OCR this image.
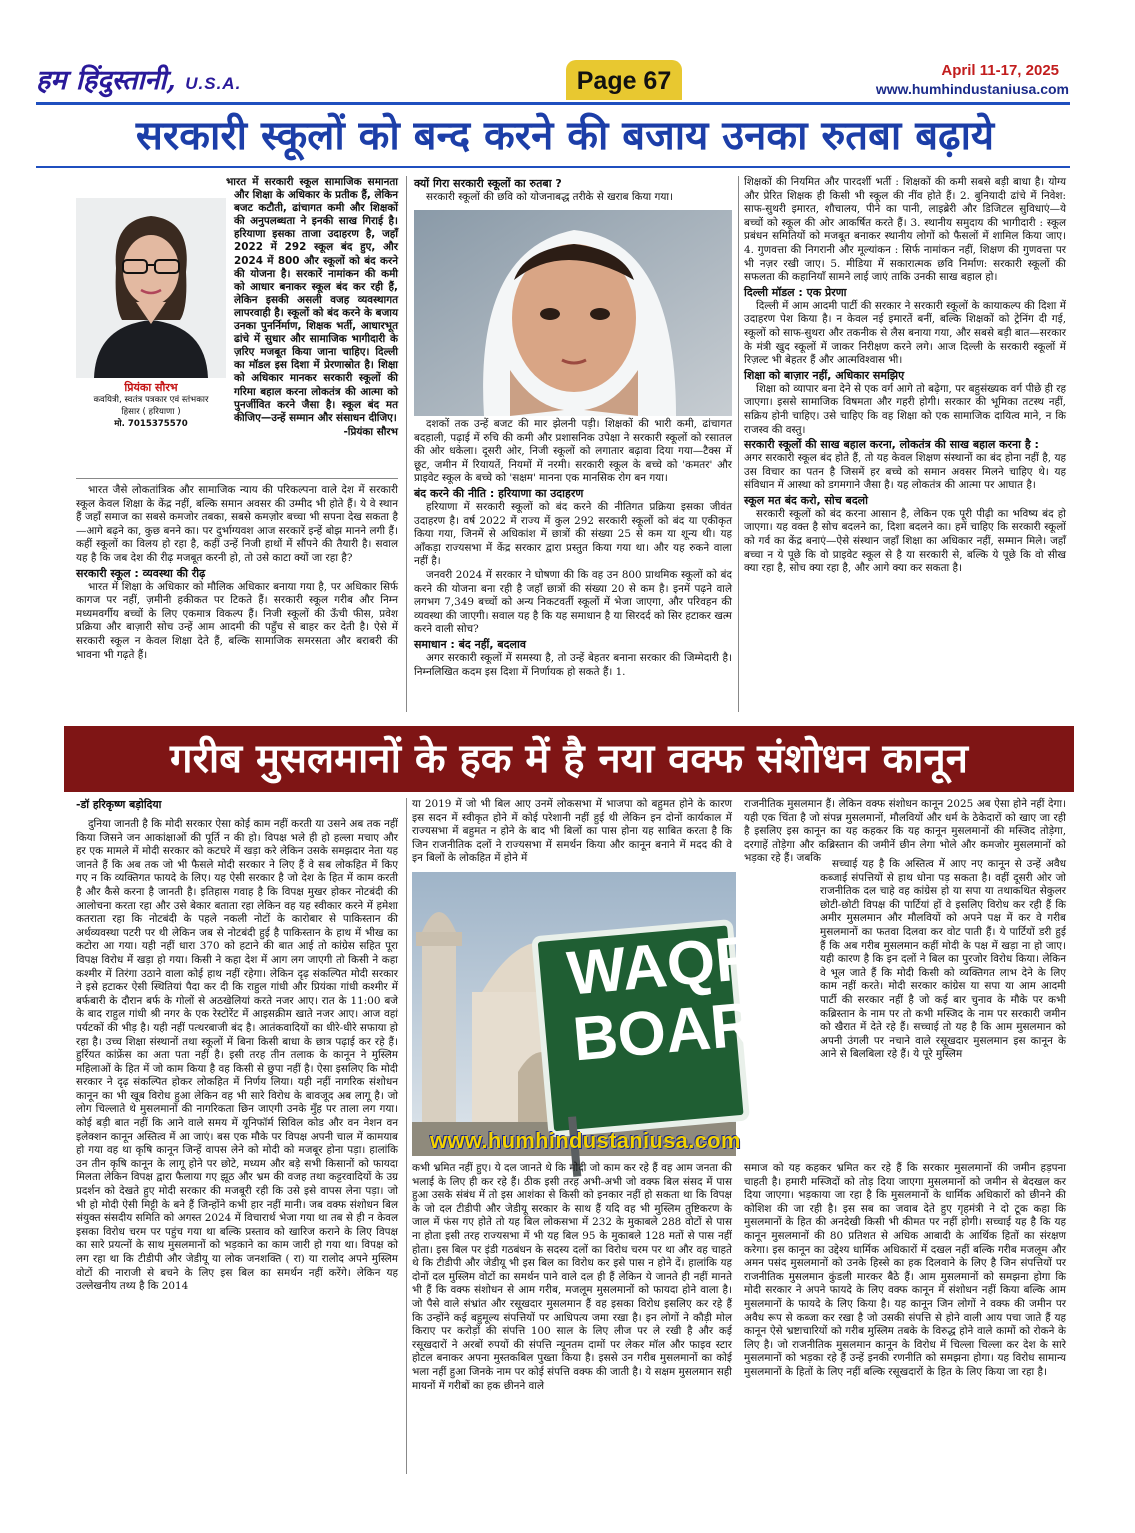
हम हिंदुस्तानी, U.S.A.	Page 67	April 11-17, 2025
www.humhindustaniusa.com
सरकारी स्कूलों को बन्द करने की बजाय उनका रुतबा बढ़ाये
प्रियंका सौरभ
कवयित्री, स्वतंत्र पत्रकार एवं स्तंभकार
हिसार ( हरियाणा )
मो. 7015375570
भारत में सरकारी स्कूल सामाजिक समानता और शिक्षा के अधिकार के प्रतीक हैं, लेकिन बजट कटौती, ढांचागत कमी और शिक्षकों की अनुपलब्धता ने इनकी साख गिराई है। हरियाणा इसका ताजा उदाहरण है, जहाँ 2022 में 292 स्कूल बंद हुए, और 2024 में 800 और स्कूलों को बंद करने की योजना है। सरकारें नामांकन की कमी को आधार बनाकर स्कूल बंद कर रही हैं, लेकिन इसकी असली वजह व्यवस्थागत लापरवाही है। स्कूलों को बंद करने के बजाय उनका पुनर्निर्माण, शिक्षक भर्ती, आधारभूत ढांचे में सुधार और सामाजिक भागीदारी के ज़रिए मजबूत किया जाना चाहिए। दिल्ली का मॉडल इस दिशा में प्रेरणास्रोत है। शिक्षा को अधिकार मानकर सरकारी स्कूलों की गरिमा बहाल करना लोकतंत्र की आत्मा को पुनर्जीवित करने जैसा है। स्कूल बंद मत कीजिए—उन्हें सम्मान और संसाधन दीजिए।
-प्रियंका सौरभ

भारत जैसे लोकतांत्रिक और सामाजिक न्याय की परिकल्पना वाले देश में सरकारी स्कूल केवल शिक्षा के केंद्र नहीं, बल्कि समान अवसर की उम्मीद भी होते हैं। ये वे स्थान हैं जहाँ समाज का सबसे कमजोर तबका, सबसे कमज़ोर बच्चा भी सपना देख सकता है—आगे बढ़ने का, कुछ बनने का। पर दुर्भाग्यवश आज सरकारें इन्हें बोझ मानने लगी हैं। कहीं स्कूलों का विलय हो रहा है, कहीं उन्हें निजी हाथों में सौंपने की तैयारी है। सवाल यह है कि जब देश की रीढ़ मजबूत करनी हो, तो उसे काटा क्यों जा रहा है?

सरकारी स्कूल : व्यवस्था की रीढ़

भारत में शिक्षा के अधिकार को मौलिक अधिकार बनाया गया है, पर अधिकार सिर्फ कागज पर नहीं, ज़मीनी हकीकत पर टिकते हैं। सरकारी स्कूल गरीब और निम्न मध्यमवर्गीय बच्चों के लिए एकमात्र विकल्प हैं। निजी स्कूलों की ऊँची फीस, प्रवेश प्रक्रिया और बाज़ारी सोच उन्हें आम आदमी की पहुँच से बाहर कर देती है। ऐसे में सरकारी स्कूल न केवल शिक्षा देते हैं, बल्कि सामाजिक समरसता और बराबरी की भावना भी गढ़ते हैं।

क्यों गिरा सरकारी स्कूलों का रुतबा ?

सरकारी स्कूलों की छवि को योजनाबद्ध तरीके से खराब किया गया।

दशकों तक उन्हें बजट की मार झेलनी पड़ी। शिक्षकों की भारी कमी, ढांचागत बदहाली, पढ़ाई में रुचि की कमी और प्रशासनिक उपेक्षा ने सरकारी स्कूलों को रसातल की ओर धकेला। दूसरी ओर, निजी स्कूलों को लगातार बढ़ावा दिया गया—टैक्स में छूट, जमीन में रियायतें, नियमों में नरमी। सरकारी स्कूल के बच्चे को 'कमतर' और प्राइवेट स्कूल के बच्चे को 'सक्षम' मानना एक मानसिक रोग बन गया।

बंद करने की नीति : हरियाणा का उदाहरण

हरियाणा में सरकारी स्कूलों को बंद करने की नीतिगत प्रक्रिया इसका जीवंत उदाहरण है। वर्ष 2022 में राज्य में कुल 292 सरकारी स्कूलों को बंद या एकीकृत किया गया, जिनमें से अधिकांश में छात्रों की संख्या 25 से कम या शून्य थी। यह आँकड़ा राज्यसभा में केंद्र सरकार द्वारा प्रस्तुत किया गया था। और यह रुकने वाला नहीं है।

जनवरी 2024 में सरकार ने घोषणा की कि वह उन 800 प्राथमिक स्कूलों को बंद करने की योजना बना रही है जहाँ छात्रों की संख्या 20 से कम है। इनमें पढ़ने वाले लगभग 7,349 बच्चों को अन्य निकटवर्ती स्कूलों में भेजा जाएगा, और परिवहन की व्यवस्था की जाएगी। सवाल यह है कि यह समाधान है या सिरदर्द को सिर हटाकर खत्म करने वाली सोच?

समाधान : बंद नहीं, बदलाव

अगर सरकारी स्कूलों में समस्या है, तो उन्हें बेहतर बनाना सरकार की जिम्मेदारी है। निम्नलिखित कदम इस दिशा में निर्णायक हो सकते हैं। 1.

शिक्षकों की नियमित और पारदर्शी भर्ती : शिक्षकों की कमी सबसे बड़ी बाधा है। योग्य और प्रेरित शिक्षक ही किसी भी स्कूल की नींव होते हैं। 2. बुनियादी ढांचे में निवेश: साफ-सुथरी इमारत, शौचालय, पीने का पानी, लाइब्रेरी और डिजिटल सुविधाएं—ये बच्चों को स्कूल की ओर आकर्षित करते हैं। 3. स्थानीय समुदाय की भागीदारी : स्कूल प्रबंधन समितियों को मजबूत बनाकर स्थानीय लोगों को फैसलों में शामिल किया जाए। 4. गुणवत्ता की निगरानी और मूल्यांकन : सिर्फ नामांकन नहीं, शिक्षण की गुणवत्ता पर भी नज़र रखी जाए। 5. मीडिया में सकारात्मक छवि निर्माण: सरकारी स्कूलों की सफलता की कहानियाँ सामने लाई जाएं ताकि उनकी साख बहाल हो।

दिल्ली मॉडल : एक प्रेरणा

दिल्ली में आम आदमी पार्टी की सरकार ने सरकारी स्कूलों के कायाकल्प की दिशा में उदाहरण पेश किया है। न केवल नई इमारतें बनीं, बल्कि शिक्षकों को ट्रेनिंग दी गई, स्कूलों को साफ-सुथरा और तकनीक से लैस बनाया गया, और सबसे बड़ी बात—सरकार के मंत्री खुद स्कूलों में जाकर निरीक्षण करने लगे। आज दिल्ली के सरकारी स्कूलों में रिज़ल्ट भी बेहतर हैं और आत्मविश्वास भी।

शिक्षा को बाज़ार नहीं, अधिकार समझिए

शिक्षा को व्यापार बना देने से एक वर्ग आगे तो बढ़ेगा, पर बहुसंख्यक वर्ग पीछे ही रह जाएगा। इससे सामाजिक विषमता और गहरी होगी। सरकार की भूमिका तटस्थ नहीं, सक्रिय होनी चाहिए। उसे चाहिए कि वह शिक्षा को एक सामाजिक दायित्व माने, न कि राजस्व की वस्तु।

सरकारी स्कूलों की साख बहाल करना, लोकतंत्र की साख बहाल करना है :

अगर सरकारी स्कूल बंद होते हैं, तो यह केवल शिक्षण संस्थानों का बंद होना नहीं है, यह उस विचार का पतन है जिसमें हर बच्चे को समान अवसर मिलने चाहिए थे। यह संविधान में आस्था को डगमगाने जैसा है। यह लोकतंत्र की आत्मा पर आघात है।

स्कूल मत बंद करो, सोच बदलो

सरकारी स्कूलों को बंद करना आसान है, लेकिन एक पूरी पीढ़ी का भविष्य बंद हो जाएगा। यह वक्त है सोच बदलने का, दिशा बदलने का। हमें चाहिए कि सरकारी स्कूलों को गर्व का केंद्र बनाएं—ऐसे संस्थान जहाँ शिक्षा का अधिकार नहीं, सम्मान मिले। जहाँ बच्चा न ये पूछे कि वो प्राइवेट स्कूल से है या सरकारी से, बल्कि ये पूछे कि वो सीख क्या रहा है, सोच क्या रहा है, और आगे क्या कर सकता है।

गरीब मुसलमानों के हक में है नया वक्फ संशोधन कानून
-डॉ हरिकृष्ण बड़ोदिया

दुनिया जानती है कि मोदी सरकार ऐसा कोई काम नहीं करती या उसने अब तक नहीं किया जिसने जन आकांक्षाओं की पूर्ति न की हो। विपक्ष भले ही हो हल्ला मचाए और हर एक मामले में मोदी सरकार को कटघरे में खड़ा करे लेकिन उसके समझदार नेता यह जानते हैं कि अब तक जो भी फैसले मोदी सरकार ने लिए हैं वे सब लोकहित में किए गए न कि व्यक्तिगत फायदे के लिए। यह ऐसी सरकार है जो देश के हित में काम करती है और कैसे करना है जानती है। इतिहास गवाह है कि विपक्ष मुखर होकर नोटबंदी की आलोचना करता रहा और उसे बेकार बताता रहा लेकिन वह यह स्वीकार करने में हमेशा कतराता रहा कि नोटबंदी के पहले नकली नोटों के कारोबार से पाकिस्तान की अर्थव्यवस्था पटरी पर थी लेकिन जब से नोटबंदी हुई है पाकिस्तान के हाथ में भीख का कटोरा आ गया। यही नहीं धारा 370 को हटाने की बात आई तो कांग्रेस सहित पूरा विपक्ष विरोध में खड़ा हो गया। किसी ने कहा देश में आग लग जाएगी तो किसी ने कहा कश्मीर में तिरंगा उठाने वाला कोई हाथ नहीं रहेगा। लेकिन दृढ़ संकल्पित मोदी सरकार ने इसे हटाकर ऐसी स्थितियां पैदा कर दी कि राहुल गांधी और प्रियंका गांधी कश्मीर में बर्फबारी के दौरान बर्फ के गोलों से अठखेलियां करते नजर आए। रात के 11:00 बजे के बाद राहुल गांधी श्री नगर के एक रेस्टोरेंट में आइसक्रीम खाते नजर आए। आज वहां पर्यटकों की भीड़ है। यही नहीं पत्थरबाजी बंद है। आतंकवादियों का धीरे-धीरे सफाया हो रहा है। उच्च शिक्षा संस्थानों तथा स्कूलों में बिना किसी बाधा के छात्र पढ़ाई कर रहे हैं। हुर्रियत कांफ्रेंस का अता पता नहीं है। इसी तरह तीन तलाक के कानून ने मुस्लिम महिलाओं के हित में जो काम किया है वह किसी से छुपा नहीं है। ऐसा इसलिए कि मोदी सरकार ने दृढ़ संकल्पित होकर लोकहित में निर्णय लिया। यही नहीं नागरिक संशोधन कानून का भी खूब विरोध हुआ लेकिन वह भी सारे विरोध के बावजूद अब लागू है। जो लोग चिल्लाते थे मुसलमानों की नागरिकता छिन जाएगी उनके मुँह पर ताला लग गया। कोई बड़ी बात नहीं कि आने वाले समय में यूनिफॉर्म सिविल कोड और वन नेशन वन इलेक्शन कानून अस्तित्व में आ जाएं। बस एक मौके पर विपक्ष अपनी चाल में कामयाब हो गया वह था कृषि कानून जिन्हें वापस लेने को मोदी को मजबूर होना पड़ा। हालांकि उन तीन कृषि कानून के लागू होने पर छोटे, मध्यम और बड़े सभी किसानों को फायदा मिलता लेकिन विपक्ष द्वारा फैलाया गए झूठ और भ्रम की वजह तथा कट्टरवादियों के उग्र प्रदर्शन को देखते हुए मोदी सरकार की मजबूरी रही कि उसे इसे वापस लेना पड़ा। जो भी हो मोदी ऐसी मिट्टी के बने हैं जिन्होंने कभी हार नहीं मानी। जब वक्फ संशोधन बिल संयुक्त संसदीय समिति को अगस्त 2024 में विचारार्थ भेजा गया था तब से ही न केवल इसका विरोध चरम पर पहुंच गया था बल्कि प्रस्ताव को खारिज कराने के लिए विपक्ष का सारे प्रयत्नों के साथ मुसलमानों को भड़काने का काम जारी हो गया था। विपक्ष को लग रहा था कि टीडीपी और जेडीयू या लोक जनशक्ति ( रा) या रालोद अपने मुस्लिम वोटों की नाराजी से बचने के लिए इस बिल का समर्थन नहीं करेंगे। लेकिन यह उल्लेखनीय तथ्य है कि 2014

या 2019 में जो भी बिल आए उनमें लोकसभा में भाजपा को बहुमत होने के कारण इस सदन में स्वीकृत होने में कोई परेशानी नहीं हुई थी लेकिन इन दोनों कार्यकाल में राज्यसभा में बहुमत न होने के बाद भी बिलों का पास होना यह साबित करता है कि जिन राजनीतिक दलों ने राज्यसभा में समर्थन किया और कानून बनाने में मदद की वे इन बिलों के लोकहित में होने में

WAQF
BOARD
www.humhindustaniusa.com

कभी भ्रमित नहीं हुए। ये दल जानते थे कि मोदी जो काम कर रहे हैं वह आम जनता की भलाई के लिए ही कर रहे हैं। ठीक इसी तरह अभी-अभी जो वक्फ बिल संसद में पास हुआ उसके संबंध में तो इस आशंका से किसी को इनकार नहीं हो सकता था कि विपक्ष के जो दल टीडीपी और जेडीयू सरकार के साथ हैं यदि वह भी मुस्लिम तुष्टिकरण के जाल में फंस गए होते तो यह बिल लोकसभा में 232 के मुकाबले 288 वोटों से पास ना होता इसी तरह राज्यसभा में भी यह बिल 95 के मुकाबले 128 मतों से पास नहीं होता। इस बिल पर इंडी गठबंधन के सदस्य दलों का विरोध चरम पर था और वह चाहते थे कि टीडीपी और जेडीयू भी इस बिल का विरोध कर इसे पास न होने दें। हालांकि यह दोनों दल मुस्लिम वोटों का समर्थन पाने वाले दल ही हैं लेकिन ये जानते ही नहीं मानते भी हैं कि वक्फ संशोधन से आम गरीब, मजलूम मुसलमानों को फायदा होने वाला है। जो पैसे वाले संभ्रांत और रसूखदार मुसलमान हैं वह इसका विरोध इसलिए कर रहे हैं कि उन्होंने कई बहुमूल्य संपत्तियों पर आधिपत्य जमा रखा है। इन लोगों ने कौड़ी मोल किराए पर करोड़ों की संपत्ति 100 साल के लिए लीज पर ले रखी है और कई रसूखदारों ने अरबों रुपयों की संपत्ति न्यूनतम दामों पर लेकर मॉल और फाइव स्टार होटल बनाकर अपना मुस्तकबिल पुख्ता किया है। इससे उन गरीब मुसलमानों का कोई भला नहीं हुआ जिनके नाम पर कोई संपत्ति वक्फ की जाती है। ये सक्षम मुसलमान सही मायनों में गरीबों का हक छीनने वाले

राजनीतिक मुसलमान हैं। लेकिन वक्फ संशोधन कानून 2025 अब ऐसा होने नहीं देगा। यही एक चिंता है जो संपन्न मुसलमानों, मौलवियों और धर्म के ठेकेदारों को खाए जा रही है इसलिए इस कानून का यह कहकर कि यह कानून मुसलमानों की मस्जिद तोड़ेगा, दरगाहें तोड़ेगा और कब्रिस्तान की जमीनें छीन लेगा भोले और कमजोर मुसलमानों को भड़का रहे हैं। जबकि	सच्चाई यह है कि अस्तित्व में आए नए कानून से उन्हें अवैध कब्जाई संपत्तियों से हाथ धोना पड़ सकता है। वहीं दूसरी ओर जो राजनीतिक दल चाहे वह कांग्रेस हो या सपा या तथाकथित सेकुलर छोटी-छोटी विपक्ष की पार्टियां हों वे इसलिए विरोध कर रही हैं कि अमीर मुसलमान और मौलवियों को अपने पक्ष में कर वे गरीब मुसलमानों का फतवा दिलवा कर वोट पाती हैं। ये पार्टियों डरी हुई हैं कि अब गरीब मुसलमान कहीं मोदी के पक्ष में खड़ा ना हो जाए। यही कारण है कि इन दलों ने बिल का पुरजोर विरोध किया। लेकिन वे भूल जाते हैं कि मोदी किसी को व्यक्तिगत लाभ देने के लिए काम नहीं करते। मोदी सरकार कांग्रेस या सपा या आम आदमी पार्टी की सरकार नहीं है जो कई बार चुनाव के मौके पर कभी कब्रिस्तान के नाम पर तो कभी मस्जिद के नाम पर सरकारी जमीन को खैरात में देते रहे हैं। सच्चाई तो यह है कि आम मुसलमान को अपनी उंगली पर नचाने वाले रसूखदार मुसलमान इस कानून के आने से बिलबिला रहे हैं। ये पूरे मुस्लिम

समाज को यह कहकर भ्रमित कर रहे हैं कि सरकार मुसलमानों की जमीन हड़पना चाहती है। हमारी मस्जिदों को तोड़ दिया जाएगा मुसलमानों को जमीन से बेदखल कर दिया जाएगा। भड़काया जा रहा है कि मुसलमानों के धार्मिक अधिकारों को छीनने की कोशिश की जा रही है। इस सब का जवाब देते हुए गृहमंत्री ने दो टूक कहा कि मुसलमानों के हित की अनदेखी किसी भी कीमत पर नहीं होगी। सच्चाई यह है कि यह कानून मुसलमानों की 80 प्रतिशत से अधिक आबादी के आर्थिक हितों का संरक्षण करेगा। इस कानून का उद्देश्य धार्मिक अधिकारों में दखल नहीं बल्कि गरीब मजलूम और अमन पसंद मुसलमानों को उनके हिस्से का हक दिलवाने के लिए है जिन संपत्तियों पर राजनीतिक मुसलमान कुंडली मारकर बैठे हैं। आम मुसलमानों को समझना होगा कि मोदी सरकार ने अपने फायदे के लिए वक्फ कानून में संशोधन नहीं किया बल्कि आम मुसलमानों के फायदे के लिए किया है। यह कानून जिन लोगों ने वक्फ की जमीन पर अवैध रूप से कब्जा कर रखा है जो उसकी संपत्ति से होने वाली आय पचा जाते हैं यह कानून ऐसे भ्रष्टाचारियों को गरीब मुस्लिम तबके के विरुद्ध होने वाले कामों को रोकने के लिए है। जो राजनीतिक मुसलमान कानून के विरोध में चिल्ला चिल्ला कर देश के सारे मुसलमानों को भड़का रहे हैं उन्हें इनकी रणनीति को समझना होगा। यह विरोध सामान्य मुसलमानों के हितों के लिए नहीं बल्कि रसूखदारों के हित के लिए किया जा रहा है।
